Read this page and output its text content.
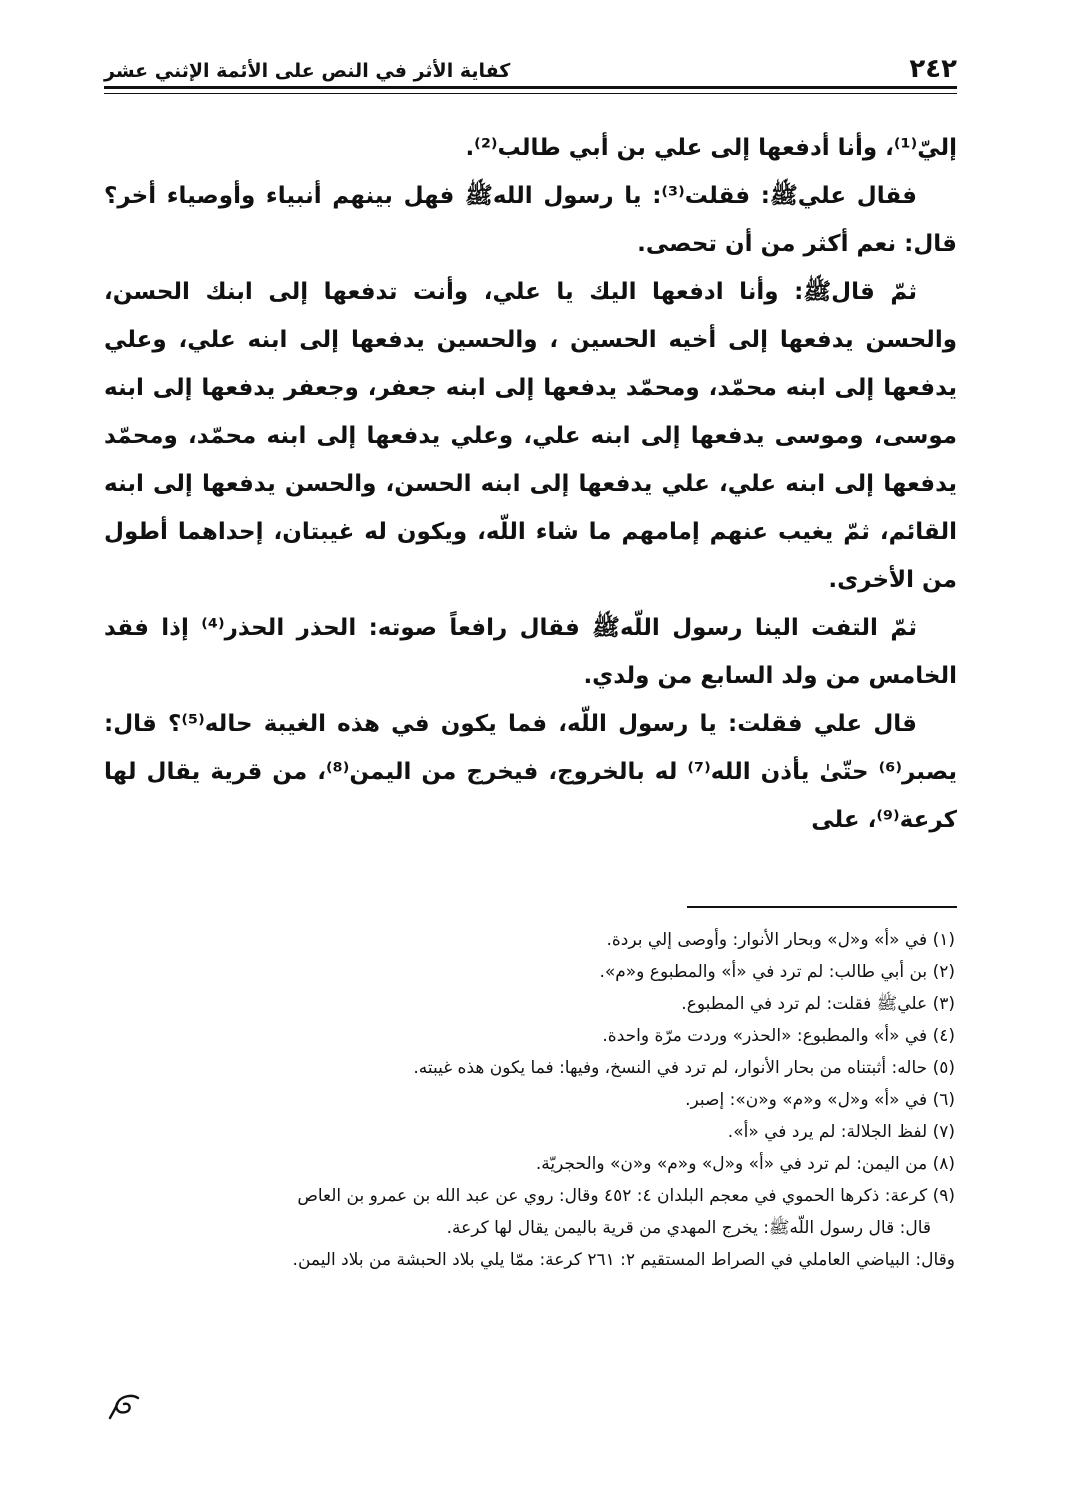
٢٤٢
كفاية الأثر في النص على الأئمة الإثني عشر

إليّ⁽¹⁾، وأنا أدفعها إلى علي بن أبي طالب⁽²⁾.

فقال عليﷺ: فقلت⁽³⁾: يا رسول اللهﷺ فهل بينهم أنبياء وأوصياء أخر؟ قال: نعم أكثر من أن تحصى.

ثمّ قالﷺ: وأنا ادفعها اليك يا علي، وأنت تدفعها إلى ابنك الحسن، والحسن يدفعها إلى أخيه الحسين ، والحسين يدفعها إلى ابنه علي، وعلي يدفعها إلى ابنه محمّد، ومحمّد يدفعها إلى ابنه جعفر، وجعفر يدفعها إلى ابنه موسى، وموسى يدفعها إلى ابنه علي، وعلي يدفعها إلى ابنه محمّد، ومحمّد يدفعها إلى ابنه علي، علي يدفعها إلى ابنه الحسن، والحسن يدفعها إلى ابنه القائم، ثمّ يغيب عنهم إمامهم ما شاء اللّه، ويكون له غيبتان، إحداهما أطول من الأخرى.

ثمّ التفت الينا رسول اللّهﷺ فقال رافعاً صوته: الحذر الحذر⁽⁴⁾ إذا فقد الخامس من ولد السابع من ولدي.

قال علي فقلت: يا رسول اللّه، فما يكون في هذه الغيبة حاله⁽⁵⁾؟ قال: يصبر⁽⁶⁾ حتّىٰ يأذن الله⁽⁷⁾ له بالخروج، فيخرج من اليمن⁽⁸⁾، من قرية يقال لها كرعة⁽⁹⁾، على

(١) في «أ» و«ل» وبحار الأنوار: وأوصى إلي بردة.

(٢) بن أبي طالب: لم ترد في «أ» والمطبوع و«م».

(٣) عليﷺ فقلت: لم ترد في المطبوع.

(٤) في «أ» والمطبوع: «الحذر» وردت مرّة واحدة.

(٥) حاله: أثبتناه من بحار الأنوار، لم ترد في النسخ، وفيها: فما يكون هذه غيبته.

(٦) في «أ» و«ل» و«م» و«ن»: إصبر.

(٧) لفظ الجلالة: لم يرد في «أ».

(٨) من اليمن: لم ترد في «أ» و«ل» و«م» و«ن» والحجريّة.

(٩) كرعة: ذكرها الحموي في معجم البلدان ٤: ٤٥٢ وقال: روي عن عبد الله بن عمرو بن العاص

قال: قال رسول اللّهﷺ: يخرج المهدي من قرية باليمن يقال لها كرعة.

وقال: البياضي العاملي في الصراط المستقيم ٢: ٢٦١ كرعة: ممّا يلي بلاد الحبشة من بلاد اليمن.
